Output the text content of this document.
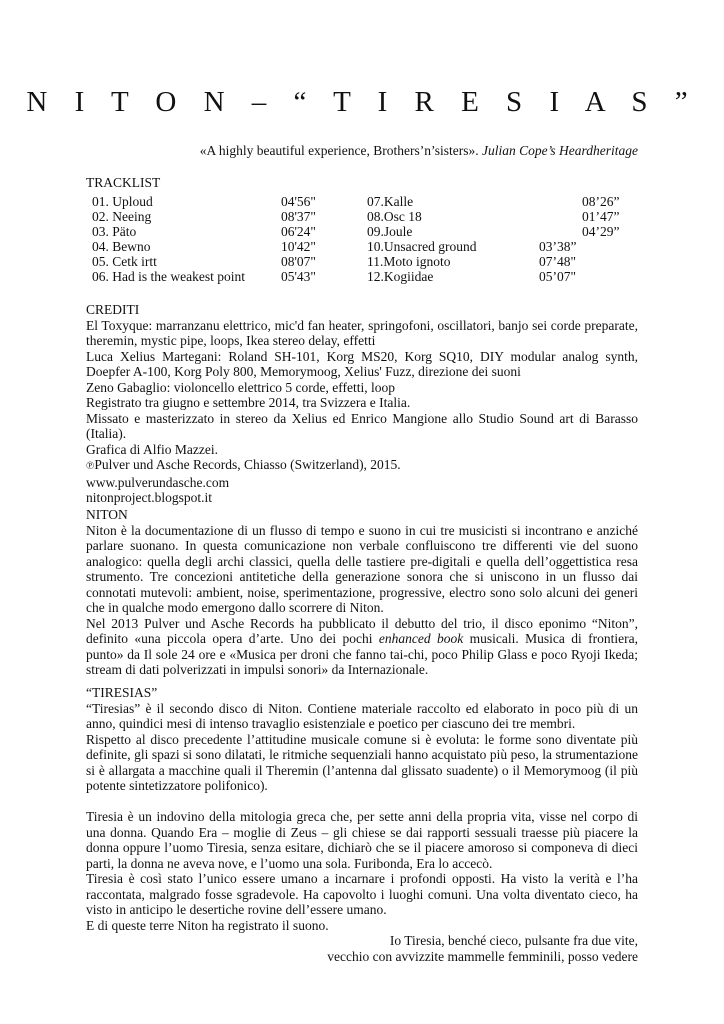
N I T O N – “ T I R E S I A S ”
«A highly beautiful experience, Brothers’n’sisters». Julian Cope’s Heardheritage
TRACKLIST
01. Uploud	04'56"
02. Neeing	08'37"
03. Päto	06'24"
04. Bewno	10'42"
05. Cetk irtt	08'07"
06. Had is the weakest point	05'43"
07.Kalle	08’26”
08.Osc 18	01’47”
09.Joule	04’29”
10.Unsacred ground	03’38”
11.Moto ignoto	07’48"
12.Kogiidae	05’07"

CREDITI

El Toxyque: marranzanu elettrico, mic'd fan heater, springofoni, oscillatori, banjo sei corde preparate, theremin, mystic pipe, loops, Ikea stereo delay, effetti

Luca Xelius Martegani: Roland SH-101, Korg MS20, Korg SQ10, DIY modular analog synth, Doepfer A-100, Korg Poly 800, Memorymoog, Xelius' Fuzz, direzione dei suoni

Zeno Gabaglio: violoncello elettrico 5 corde, effetti, loop

Registrato tra giugno e settembre 2014, tra Svizzera e Italia.

Missato e masterizzato in stereo da Xelius ed Enrico Mangione allo Studio Sound art di Barasso (Italia).

Grafica di Alfio Mazzei.

℗Pulver und Asche Records, Chiasso (Switzerland), 2015.

www.pulverundasche.com

nitonproject.blogspot.it

NITON

Niton è la documentazione di un flusso di tempo e suono in cui tre musicisti si incontrano e anziché parlare suonano. In questa comunicazione non verbale confluiscono tre differenti vie del suono analogico: quella degli archi classici, quella delle tastiere pre-digitali e quella dell’oggettistica resa strumento. Tre concezioni antitetiche della generazione sonora che si uniscono in un flusso dai connotati mutevoli: ambient, noise, sperimentazione, progressive, electro sono solo alcuni dei generi che in qualche modo emergono dallo scorrere di Niton.

Nel 2013 Pulver und Asche Records ha pubblicato il debutto del trio, il disco eponimo “Niton”, definito «una piccola opera d’arte. Uno dei pochi enhanced book musicali. Musica di frontiera, punto» da Il sole 24 ore e «Musica per droni che fanno tai-chi, poco Philip Glass e poco Ryoji Ikeda; stream di dati polverizzati in impulsi sonori» da Internazionale.

“TIRESIAS”

“Tiresias” è il secondo disco di Niton. Contiene materiale raccolto ed elaborato in poco più di un anno, quindici mesi di intenso travaglio esistenziale e poetico per ciascuno dei tre membri.

Rispetto al disco precedente l’attitudine musicale comune si è evoluta: le forme sono diventate più definite, gli spazi si sono dilatati, le ritmiche sequenziali hanno acquistato più peso, la strumentazione si è allargata a macchine quali il Theremin (l’antenna dal glissato suadente) o il Memorymoog (il più potente sintetizzatore polifonico).

Tiresia è un indovino della mitologia greca che, per sette anni della propria vita, visse nel corpo di una donna. Quando Era – moglie di Zeus – gli chiese se dai rapporti sessuali traesse più piacere la donna oppure l’uomo Tiresia, senza esitare, dichiarò che se il piacere amoroso si componeva di dieci parti, la donna ne aveva nove, e l’uomo una sola. Furibonda, Era lo accecò.

Tiresia è così stato l’unico essere umano a incarnare i profondi opposti. Ha visto la verità e l’ha raccontata, malgrado fosse sgradevole. Ha capovolto i luoghi comuni. Una volta diventato cieco, ha visto in anticipo le desertiche rovine dell’essere umano.

E di queste terre Niton ha registrato il suono.

Io Tiresia, benché cieco, pulsante fra due vite,

vecchio con avvizzite mammelle femminili, posso vedere
